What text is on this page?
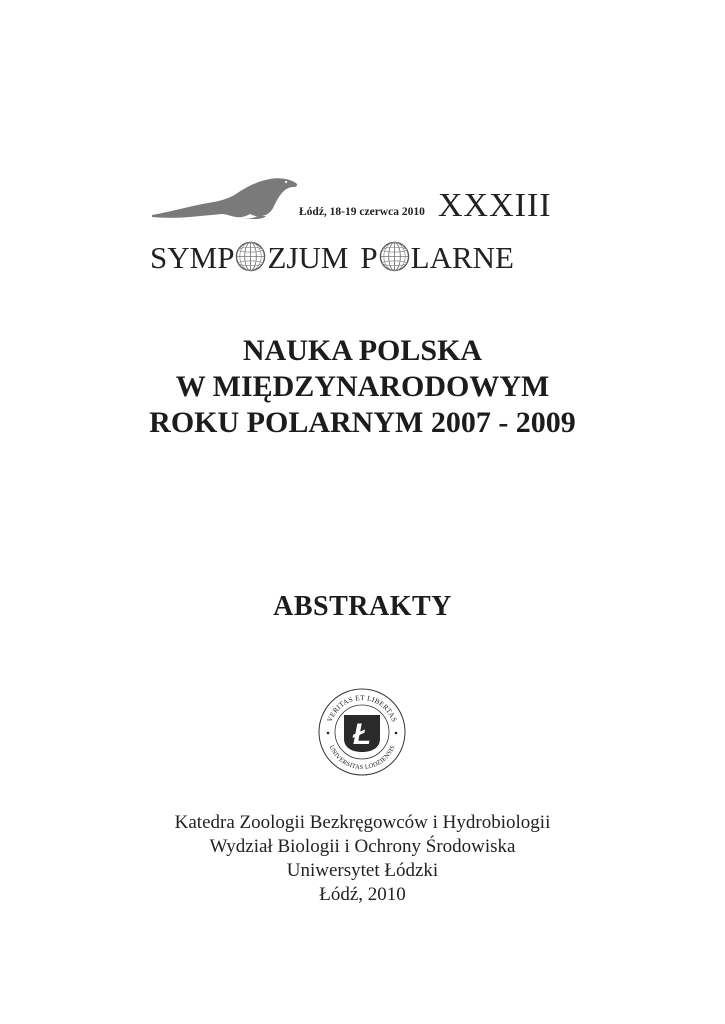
Łódź, 18-19 czerwca 2010 XXXIII
SYMP ZJUM P LARNE
NAUKA POLSKA
W MIĘDZYNARODOWYM
ROKU POLARNYM 2007 - 2009
ABSTRAKTY
VERITAS ET LIBERTAS
UNIVERSITAS LODZIENSIS
Ł
Katedra Zoologii Bezkręgowców i Hydrobiologii
Wydział Biologii i Ochrony Środowiska
Uniwersytet Łódzki
Łódź, 2010
